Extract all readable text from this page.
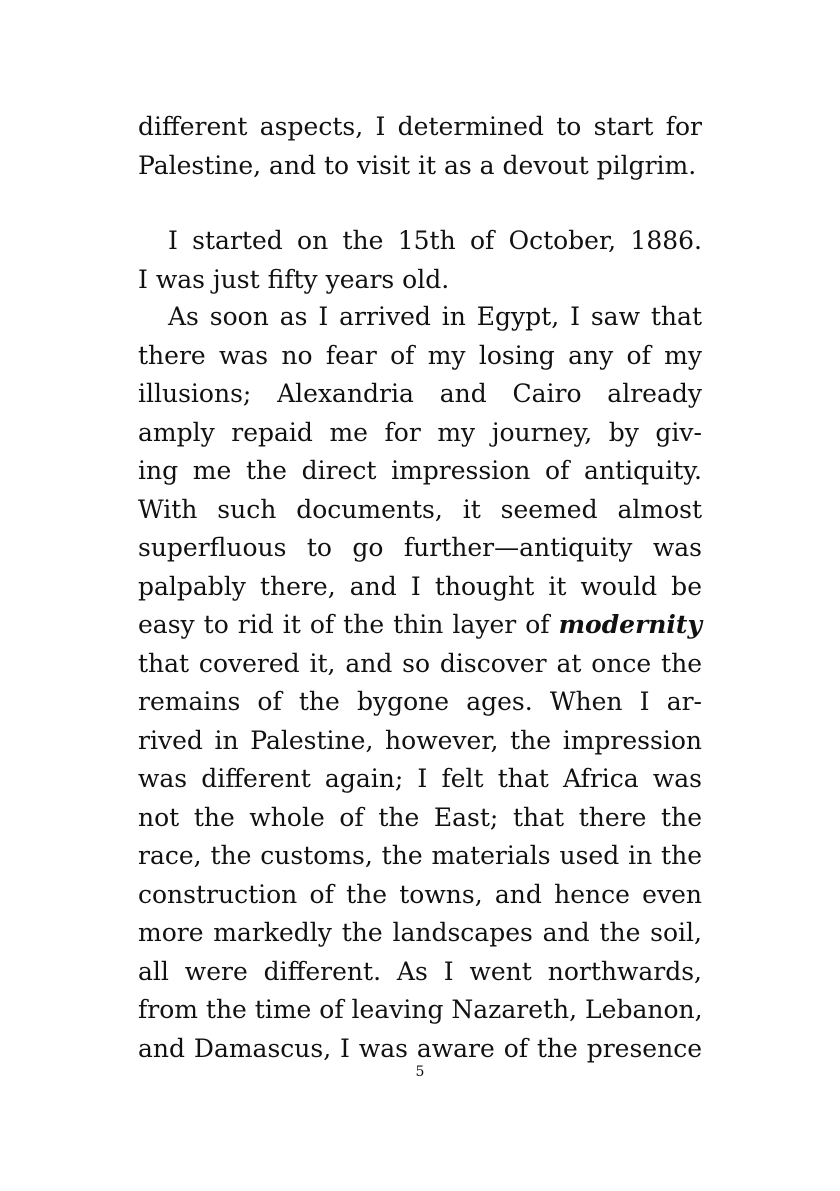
different aspects, I determined to start for
Palestine, and to visit it as a devout pilgrim.
I started on the 15th of October, 1886.
I was just fifty years old.
As soon as I arrived in Egypt, I saw that
there was no fear of my losing any of my
illusions; Alexandria and Cairo already
amply repaid me for my journey, by giv-
ing me the direct impression of antiquity.
With such documents, it seemed almost
superfluous to go further—antiquity was
palpably there, and I thought it would be
easy to rid it of the thin layer of modernity
that covered it, and so discover at once the
remains of the bygone ages. When I ar-
rived in Palestine, however, the impression
was different again; I felt that Africa was
not the whole of the East; that there the
race, the customs, the materials used in the
construction of the towns, and hence even
more markedly the landscapes and the soil,
all were different. As I went northwards,
from the time of leaving Nazareth, Lebanon,
and Damascus, I was aware of the presence
5
